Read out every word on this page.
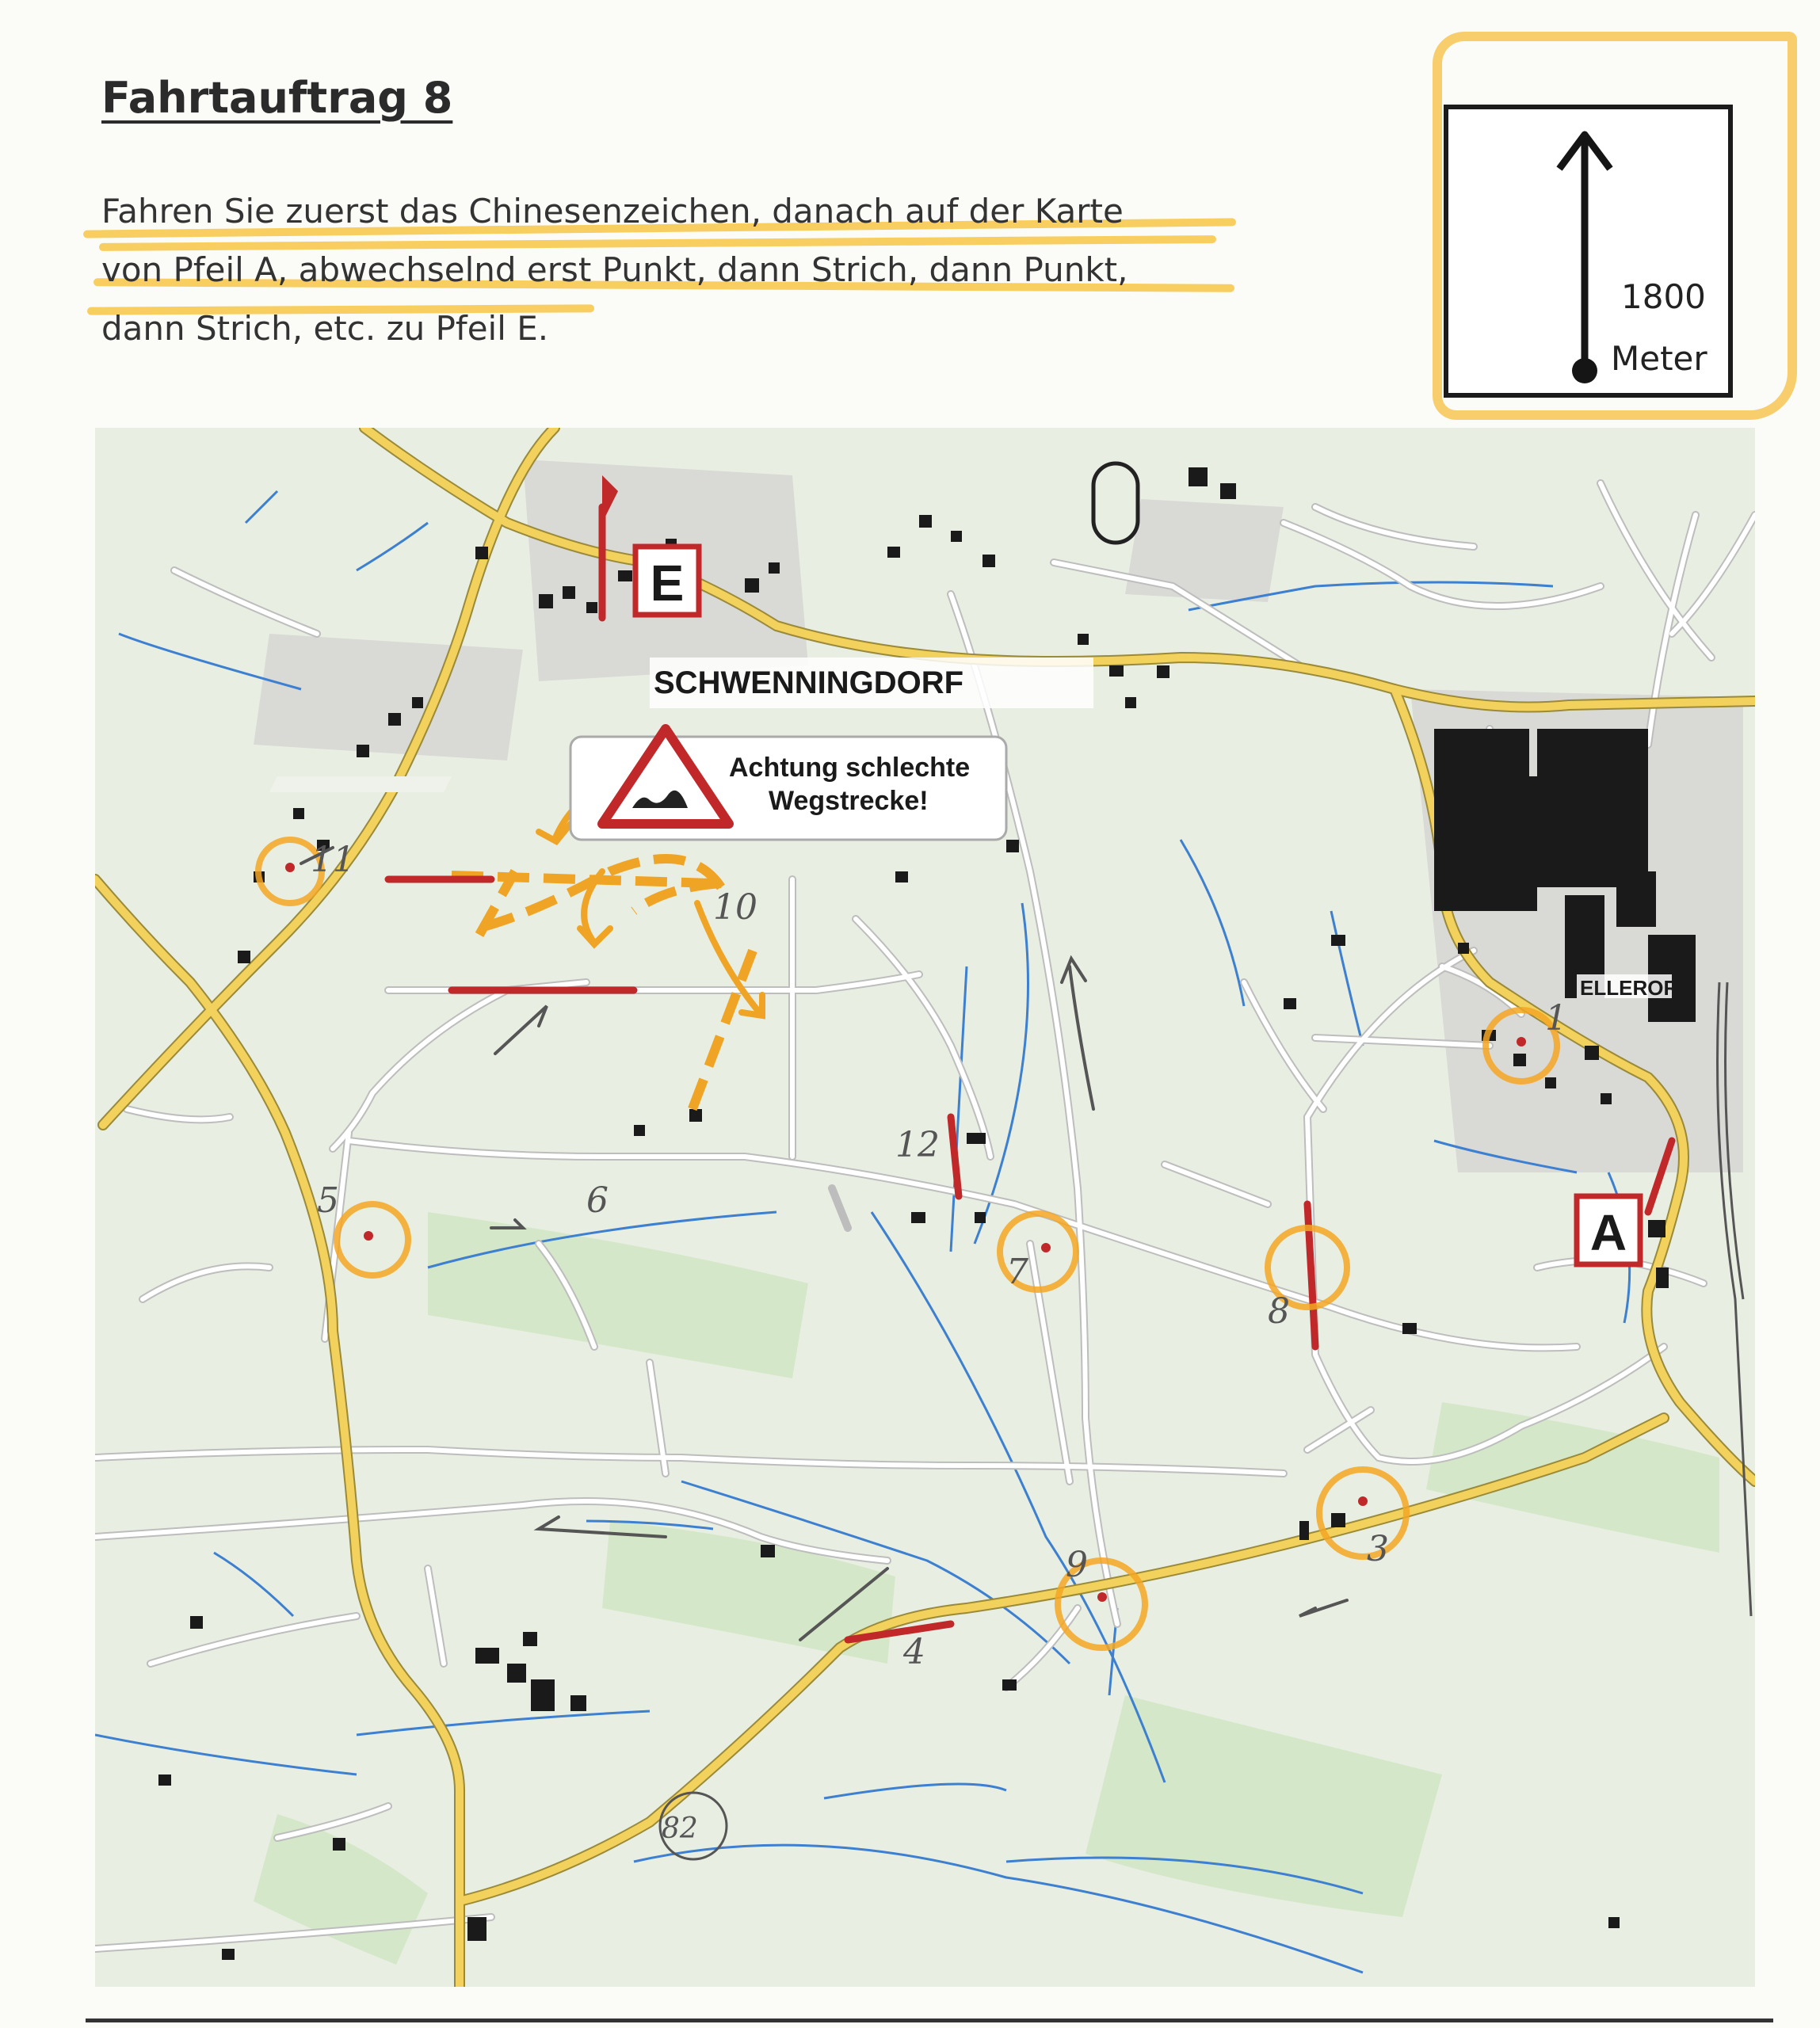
Fahrtauftrag 8
Fahren Sie zuerst das Chinesenzeichen, danach auf der Karte
von Pfeil A, abwechselnd erst Punkt, dann Strich, dann Punkt,
dann Strich, etc. zu Pfeil E.
1800
Meter
Achtung schlechte
Wegstrecke!
SCHWENNINGDORF
ELLERORT
E
A
11
10
5	6
12
7
8
1
3
9
4
82
